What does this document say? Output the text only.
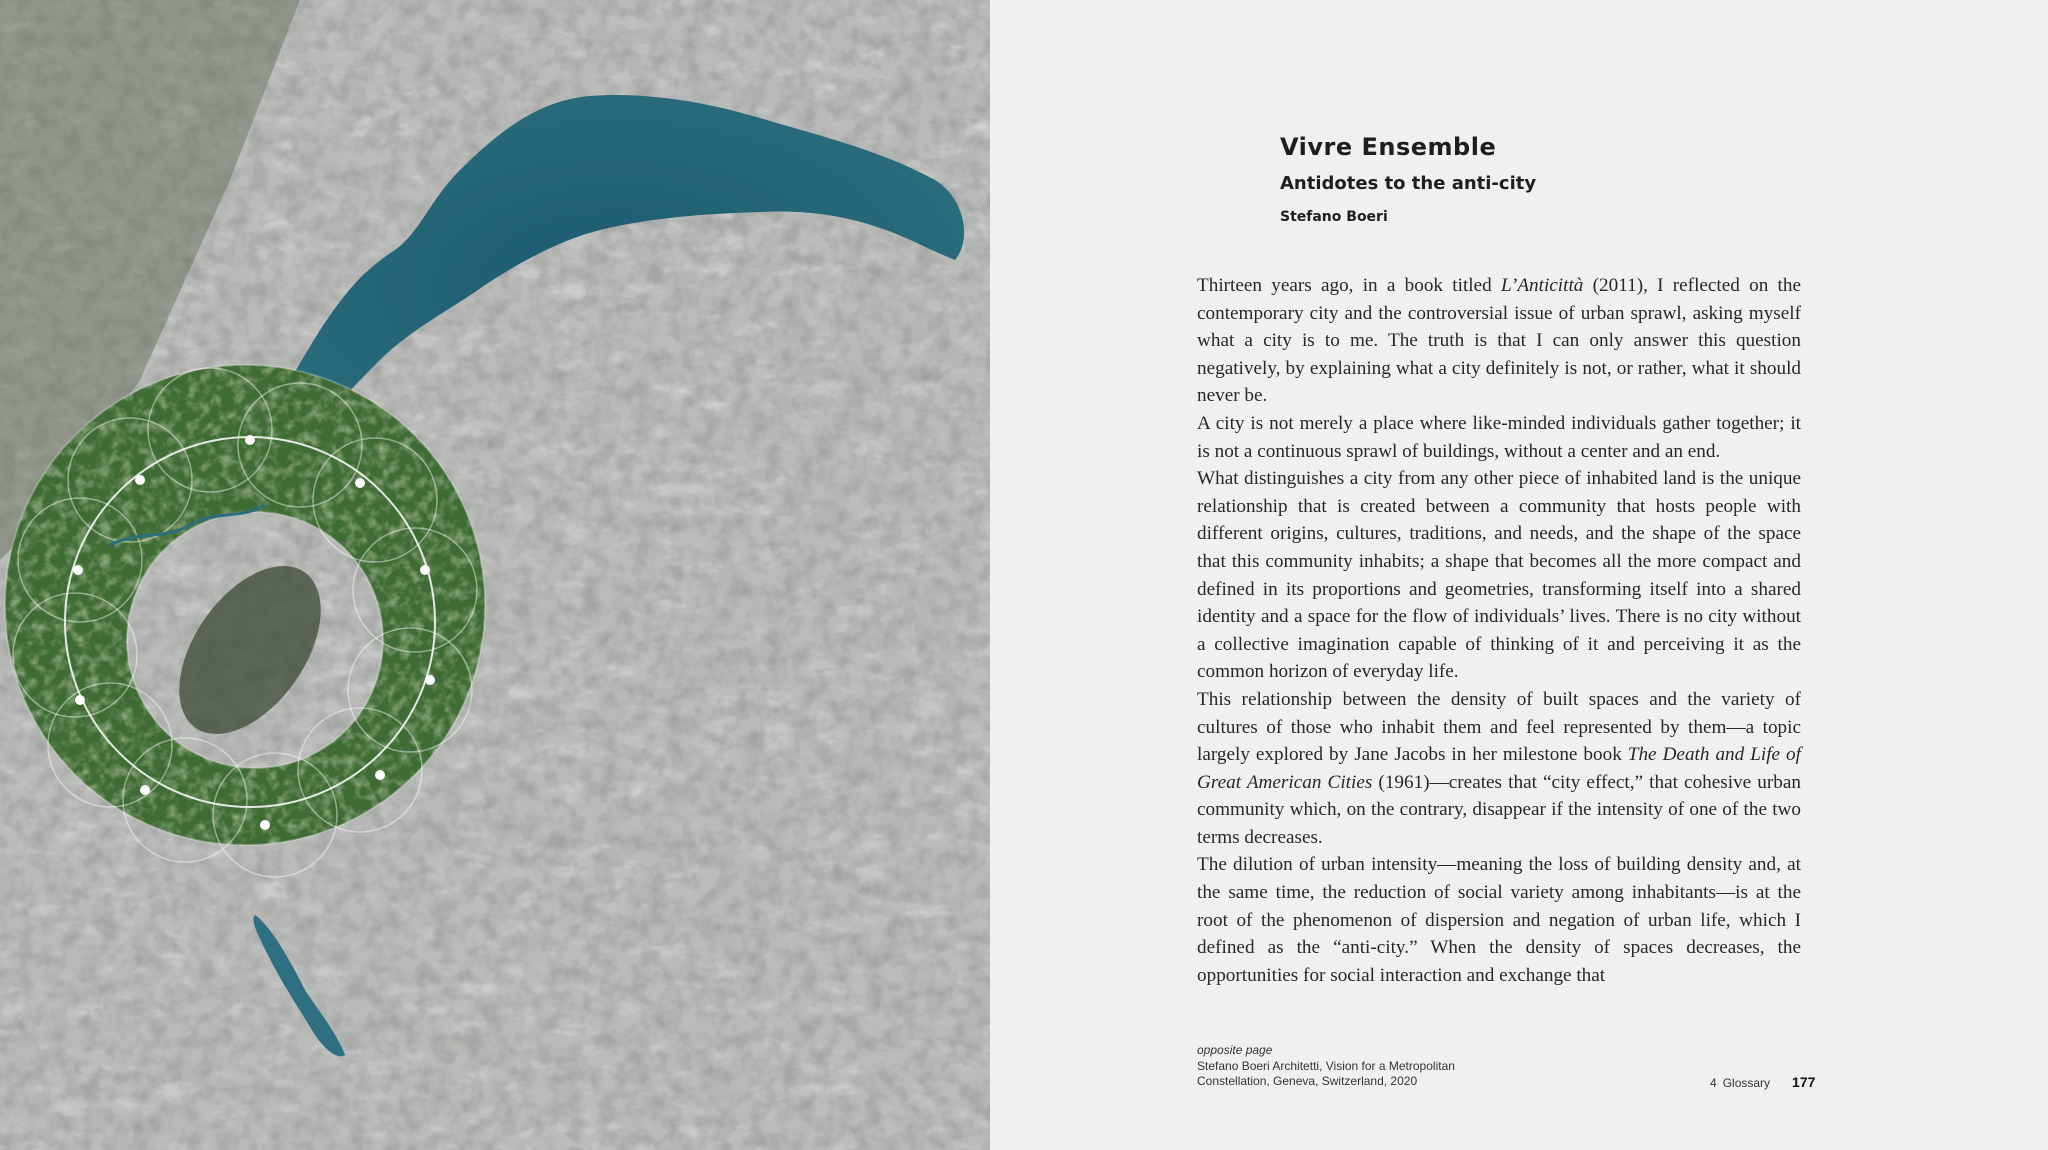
Vivre Ensemble
Antidotes to the anti-city

Stefano Boeri

Thirteen years ago, in a book titled L’Anticittà (2011), I reflected on the contemporary city and the controversial issue of urban sprawl, asking myself what a city is to me. The truth is that I can only answer this question negatively, by explaining what a city definitely is not, or rather, what it should never be.

A city is not merely a place where like-minded individuals gather together; it is not a continuous sprawl of buildings, without a center and an end.

What distinguishes a city from any other piece of inhabited land is the unique relationship that is created between a community that hosts people with different origins, cultures, traditions, and needs, and the shape of the space that this community inhabits; a shape that becomes all the more compact and defined in its proportions and geometries, transforming itself into a shared identity and a space for the flow of individuals’ lives. There is no city without a collective imagination capable of thinking of it and perceiving it as the common horizon of everyday life.

This relationship between the density of built spaces and the variety of cultures of those who inhabit them and feel represented by them—a topic largely explored by Jane Jacobs in her milestone book The Death and Life of Great American Cities (1961)—creates that “city effect,” that cohesive urban community which, on the contrary, disappear if the intensity of one of the two terms decreases.

The dilution of urban intensity—meaning the loss of building density and, at the same time, the reduction of social variety among inhabitants—is at the root of the phenomenon of dispersion and negation of urban life, which I defined as the “anti-city.” When the density of spaces decreases, the opportunities for social interaction and exchange that

opposite page
Stefano Boeri Architetti, Vision for a Metropolitan
Constellation, Geneva, Switzerland, 2020	4 Glossary 177
